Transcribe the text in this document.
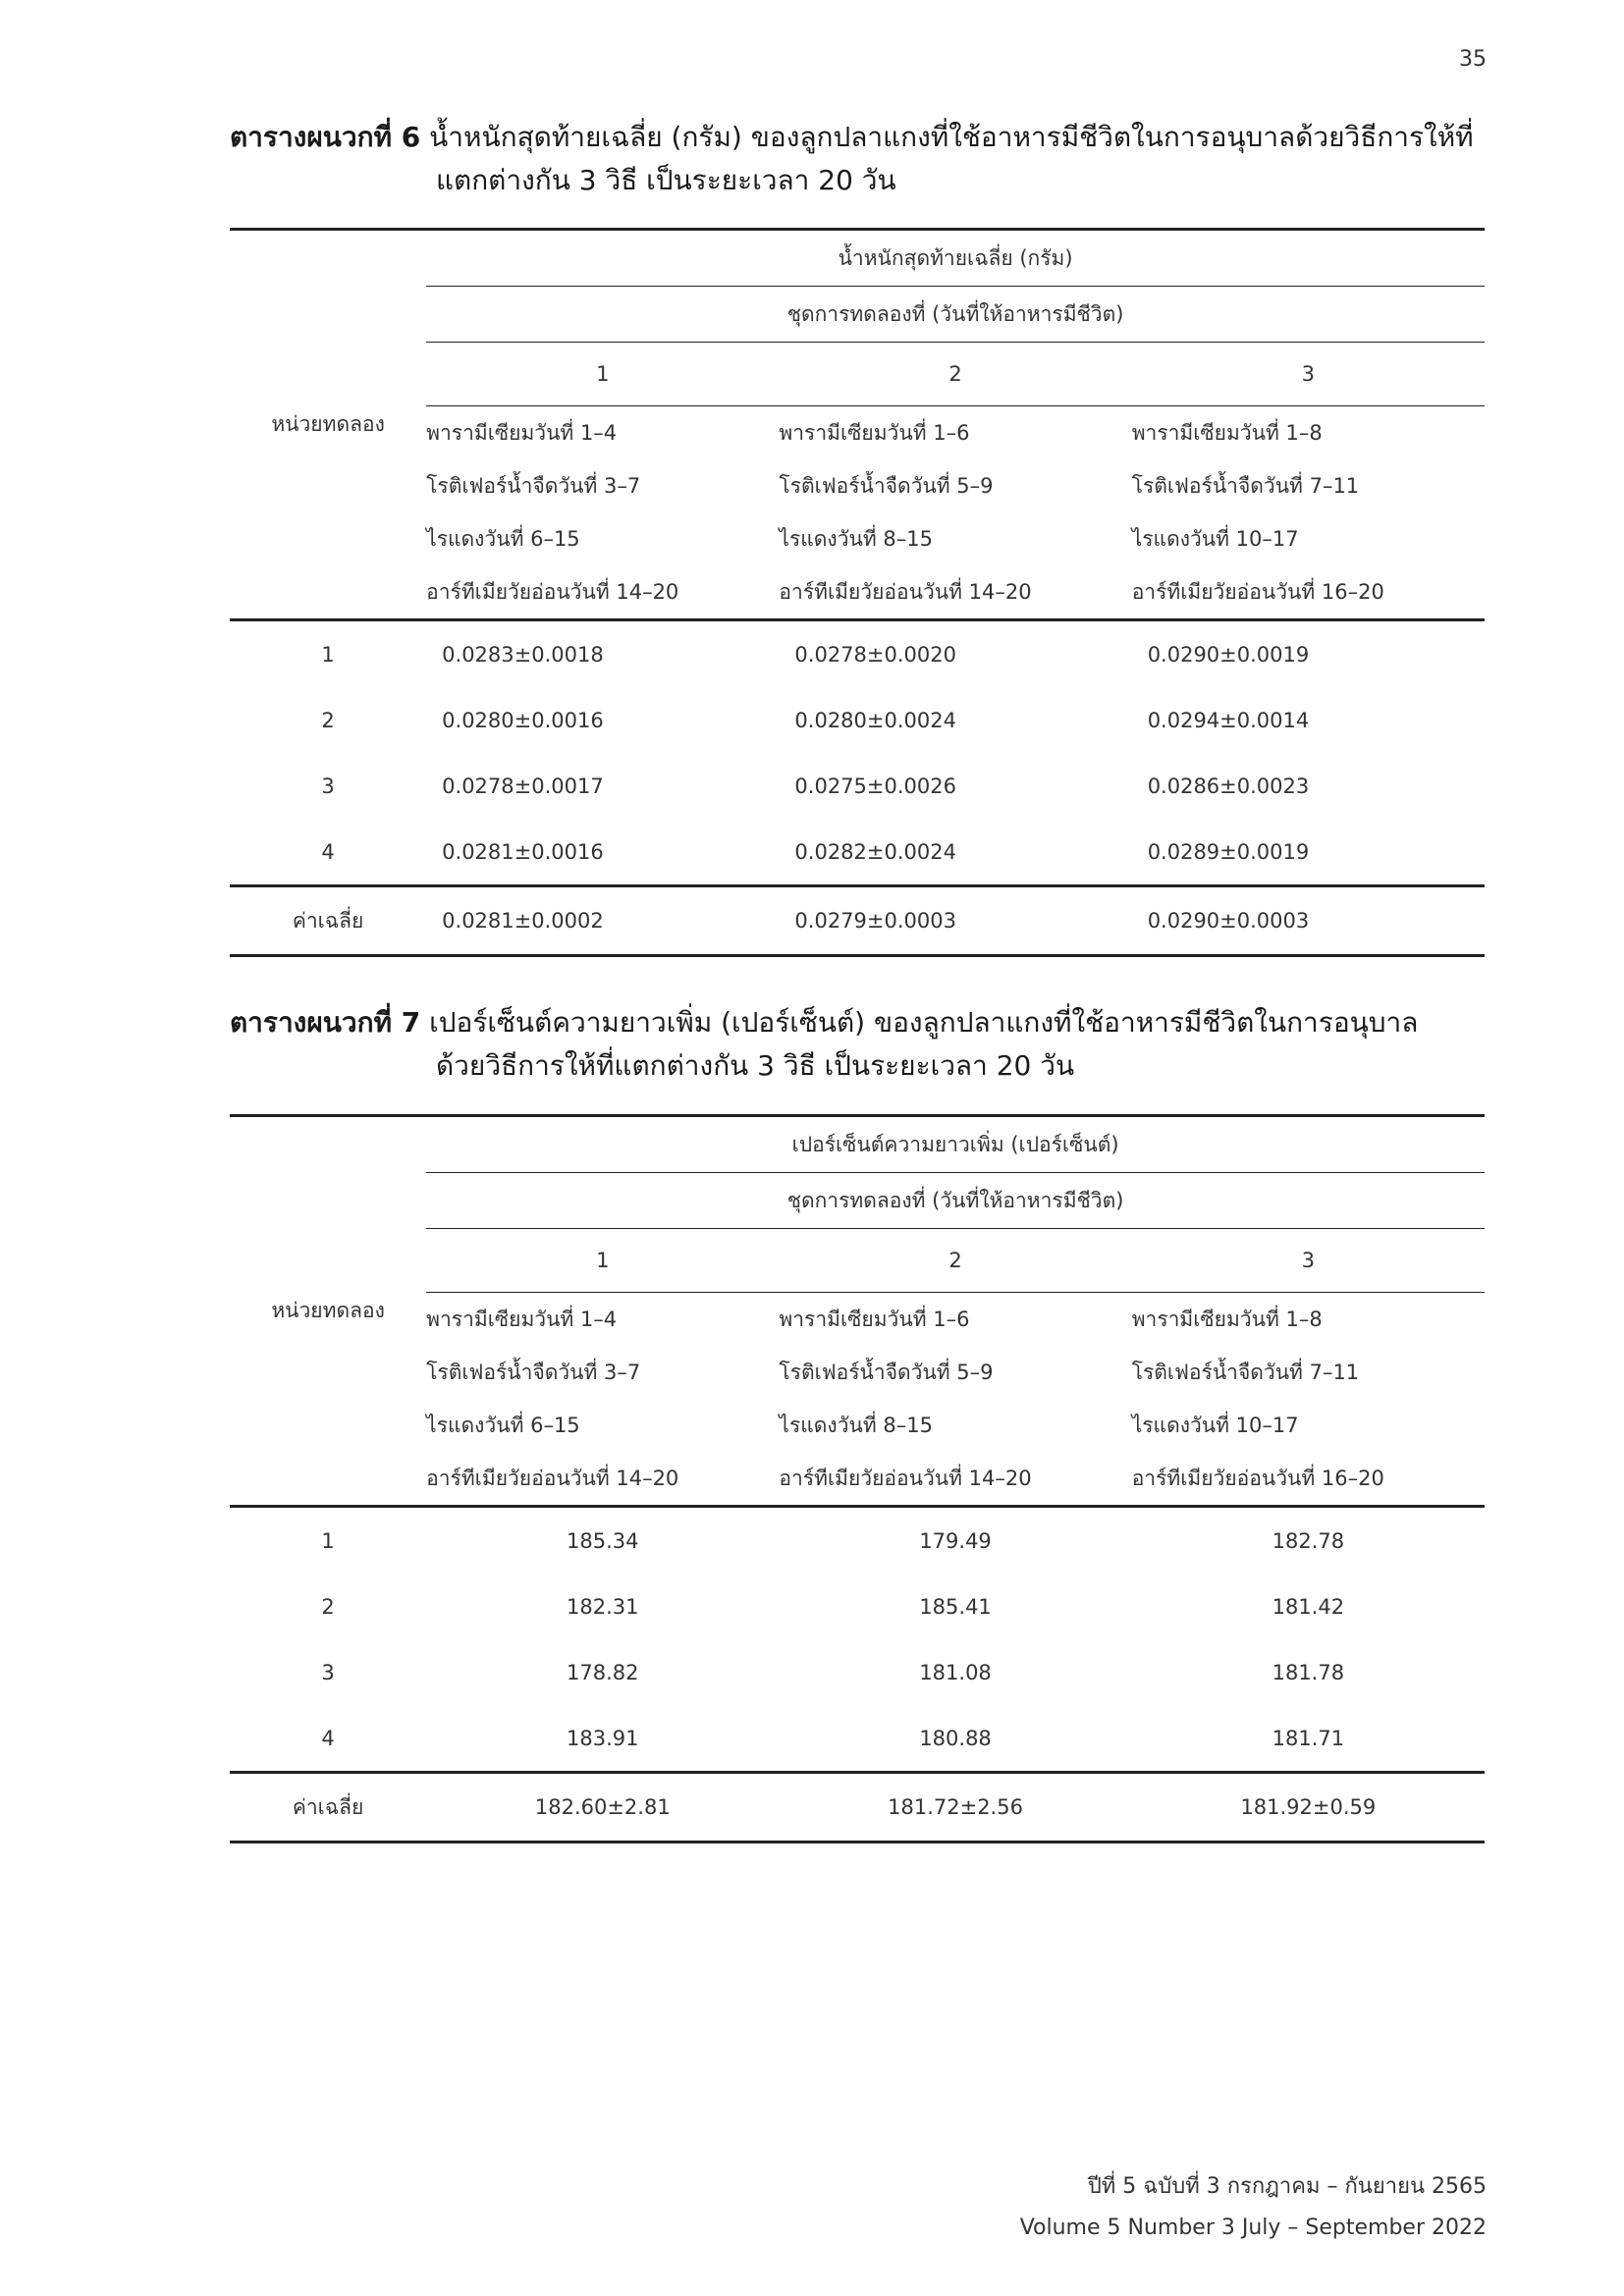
35
ตารางผนวกที่ 6 น้ำหนักสุดท้ายเฉลี่ย (กรัม) ของลูกปลาแกงที่ใช้อาหารมีชีวิตในการอนุบาลด้วยวิธีการให้ที่
แตกต่างกัน 3 วิธี เป็นระยะเวลา 20 วัน
หน่วยทดลอง	น้ำหนักสุดท้ายเฉลี่ย (กรัม)		
	ชุดการทดลองที่ (วันที่ให้อาหารมีชีวิต)		
	1	2	3
	พารามีเซียมวันที่ 1–4	พารามีเซียมวันที่ 1–6	พารามีเซียมวันที่ 1–8
	โรติเฟอร์น้ำจืดวันที่ 3–7	โรติเฟอร์น้ำจืดวันที่ 5–9	โรติเฟอร์น้ำจืดวันที่ 7–11
	ไรแดงวันที่ 6–15	ไรแดงวันที่ 8–15	ไรแดงวันที่ 10–17
	อาร์ทีเมียวัยอ่อนวันที่ 14–20	อาร์ทีเมียวัยอ่อนวันที่ 14–20	อาร์ทีเมียวัยอ่อนวันที่ 16–20

1	0.0283±0.0018	0.0278±0.0020	0.0290±0.0019
2	0.0280±0.0016	0.0280±0.0024	0.0294±0.0014
3	0.0278±0.0017	0.0275±0.0026	0.0286±0.0023
4	0.0281±0.0016	0.0282±0.0024	0.0289±0.0019
ค่าเฉลี่ย	0.0281±0.0002	0.0279±0.0003	0.0290±0.0003
ตารางผนวกที่ 7 เปอร์เซ็นต์ความยาวเพิ่ม (เปอร์เซ็นต์) ของลูกปลาแกงที่ใช้อาหารมีชีวิตในการอนุบาล
ด้วยวิธีการให้ที่แตกต่างกัน 3 วิธี เป็นระยะเวลา 20 วัน
หน่วยทดลอง	เปอร์เซ็นต์ความยาวเพิ่ม (เปอร์เซ็นต์)		
	ชุดการทดลองที่ (วันที่ให้อาหารมีชีวิต)		
	1	2	3
	พารามีเซียมวันที่ 1–4	พารามีเซียมวันที่ 1–6	พารามีเซียมวันที่ 1–8
	โรติเฟอร์น้ำจืดวันที่ 3–7	โรติเฟอร์น้ำจืดวันที่ 5–9	โรติเฟอร์น้ำจืดวันที่ 7–11
	ไรแดงวันที่ 6–15	ไรแดงวันที่ 8–15	ไรแดงวันที่ 10–17
	อาร์ทีเมียวัยอ่อนวันที่ 14–20	อาร์ทีเมียวัยอ่อนวันที่ 14–20	อาร์ทีเมียวัยอ่อนวันที่ 16–20

1	185.34	179.49	182.78
2	182.31	185.41	181.42
3	178.82	181.08	181.78
4	183.91	180.88	181.71
ค่าเฉลี่ย	182.60±2.81	181.72±2.56	181.92±0.59
ปีที่ 5 ฉบับที่ 3 กรกฎาคม – กันยายน 2565
Volume 5 Number 3 July – September 2022
